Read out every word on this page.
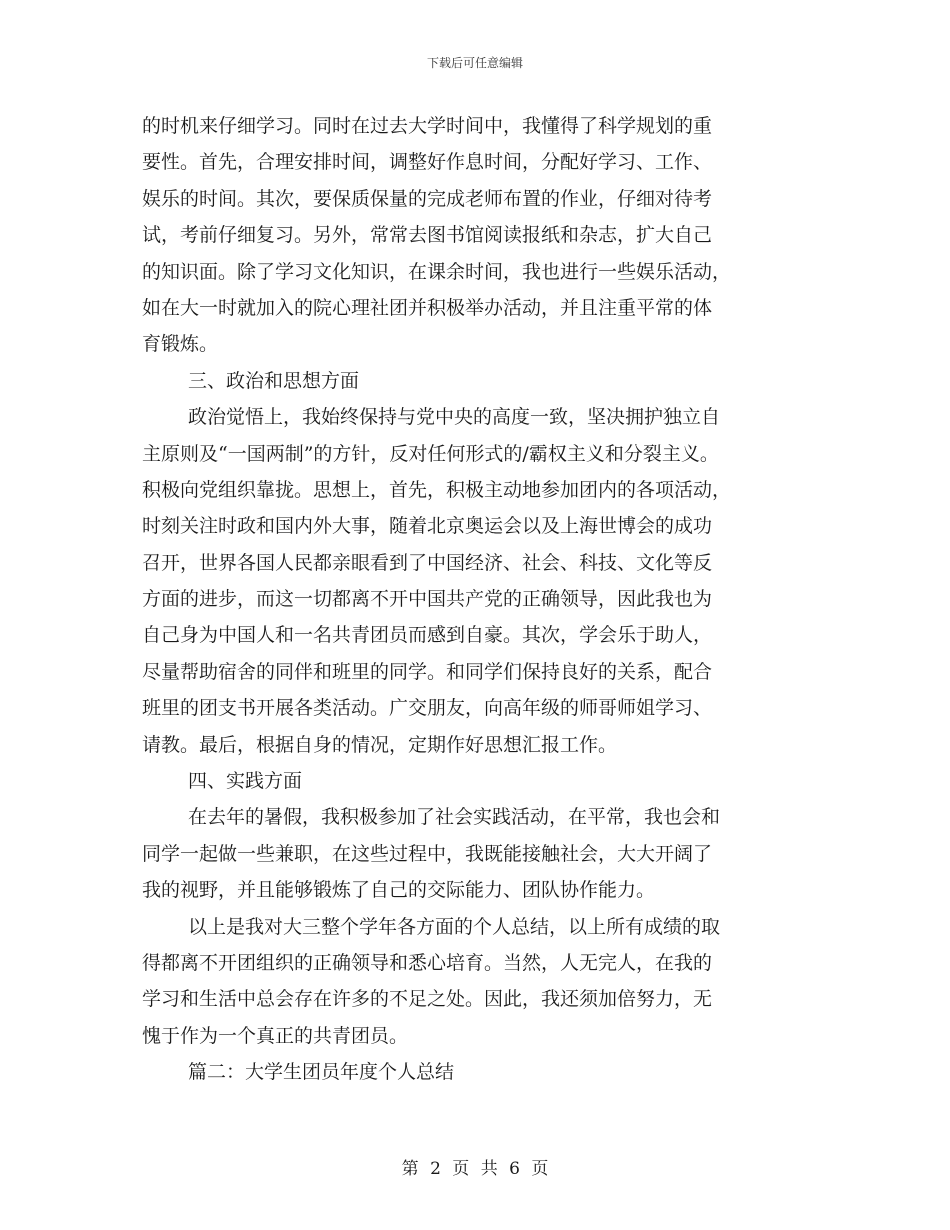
下载后可任意编辑
的时机来仔细学习。同时在过去大学时间中，我懂得了科学规划的重
要性。首先，合理安排时间，调整好作息时间，分配好学习、工作、
娱乐的时间。其次，要保质保量的完成老师布置的作业，仔细对待考
试，考前仔细复习。另外，常常去图书馆阅读报纸和杂志，扩大自己
的知识面。除了学习文化知识，在课余时间，我也进行一些娱乐活动，
如在大一时就加入的院心理社团并积极举办活动，并且注重平常的体
育锻炼。
三、政治和思想方面
政治觉悟上，我始终保持与党中央的高度一致，坚决拥护独立自
主原则及“一国两制”的方针，反对任何形式的/霸权主义和分裂主义。
积极向党组织靠拢。思想上，首先，积极主动地参加团内的各项活动，
时刻关注时政和国内外大事，随着北京奥运会以及上海世博会的成功
召开，世界各国人民都亲眼看到了中国经济、社会、科技、文化等反
方面的进步，而这一切都离不开中国共产党的正确领导，因此我也为
自己身为中国人和一名共青团员而感到自豪。其次，学会乐于助人，
尽量帮助宿舍的同伴和班里的同学。和同学们保持良好的关系，配合
班里的团支书开展各类活动。广交朋友，向高年级的师哥师姐学习、
请教。最后，根据自身的情况，定期作好思想汇报工作。
四、实践方面
在去年的暑假，我积极参加了社会实践活动，在平常，我也会和
同学一起做一些兼职，在这些过程中，我既能接触社会，大大开阔了
我的视野，并且能够锻炼了自己的交际能力、团队协作能力。
以上是我对大三整个学年各方面的个人总结，以上所有成绩的取
得都离不开团组织的正确领导和悉心培育。当然，人无完人，在我的
学习和生活中总会存在许多的不足之处。因此，我还须加倍努力，无
愧于作为一个真正的共青团员。
篇二：大学生团员年度个人总结
第 2 页 共 6 页
